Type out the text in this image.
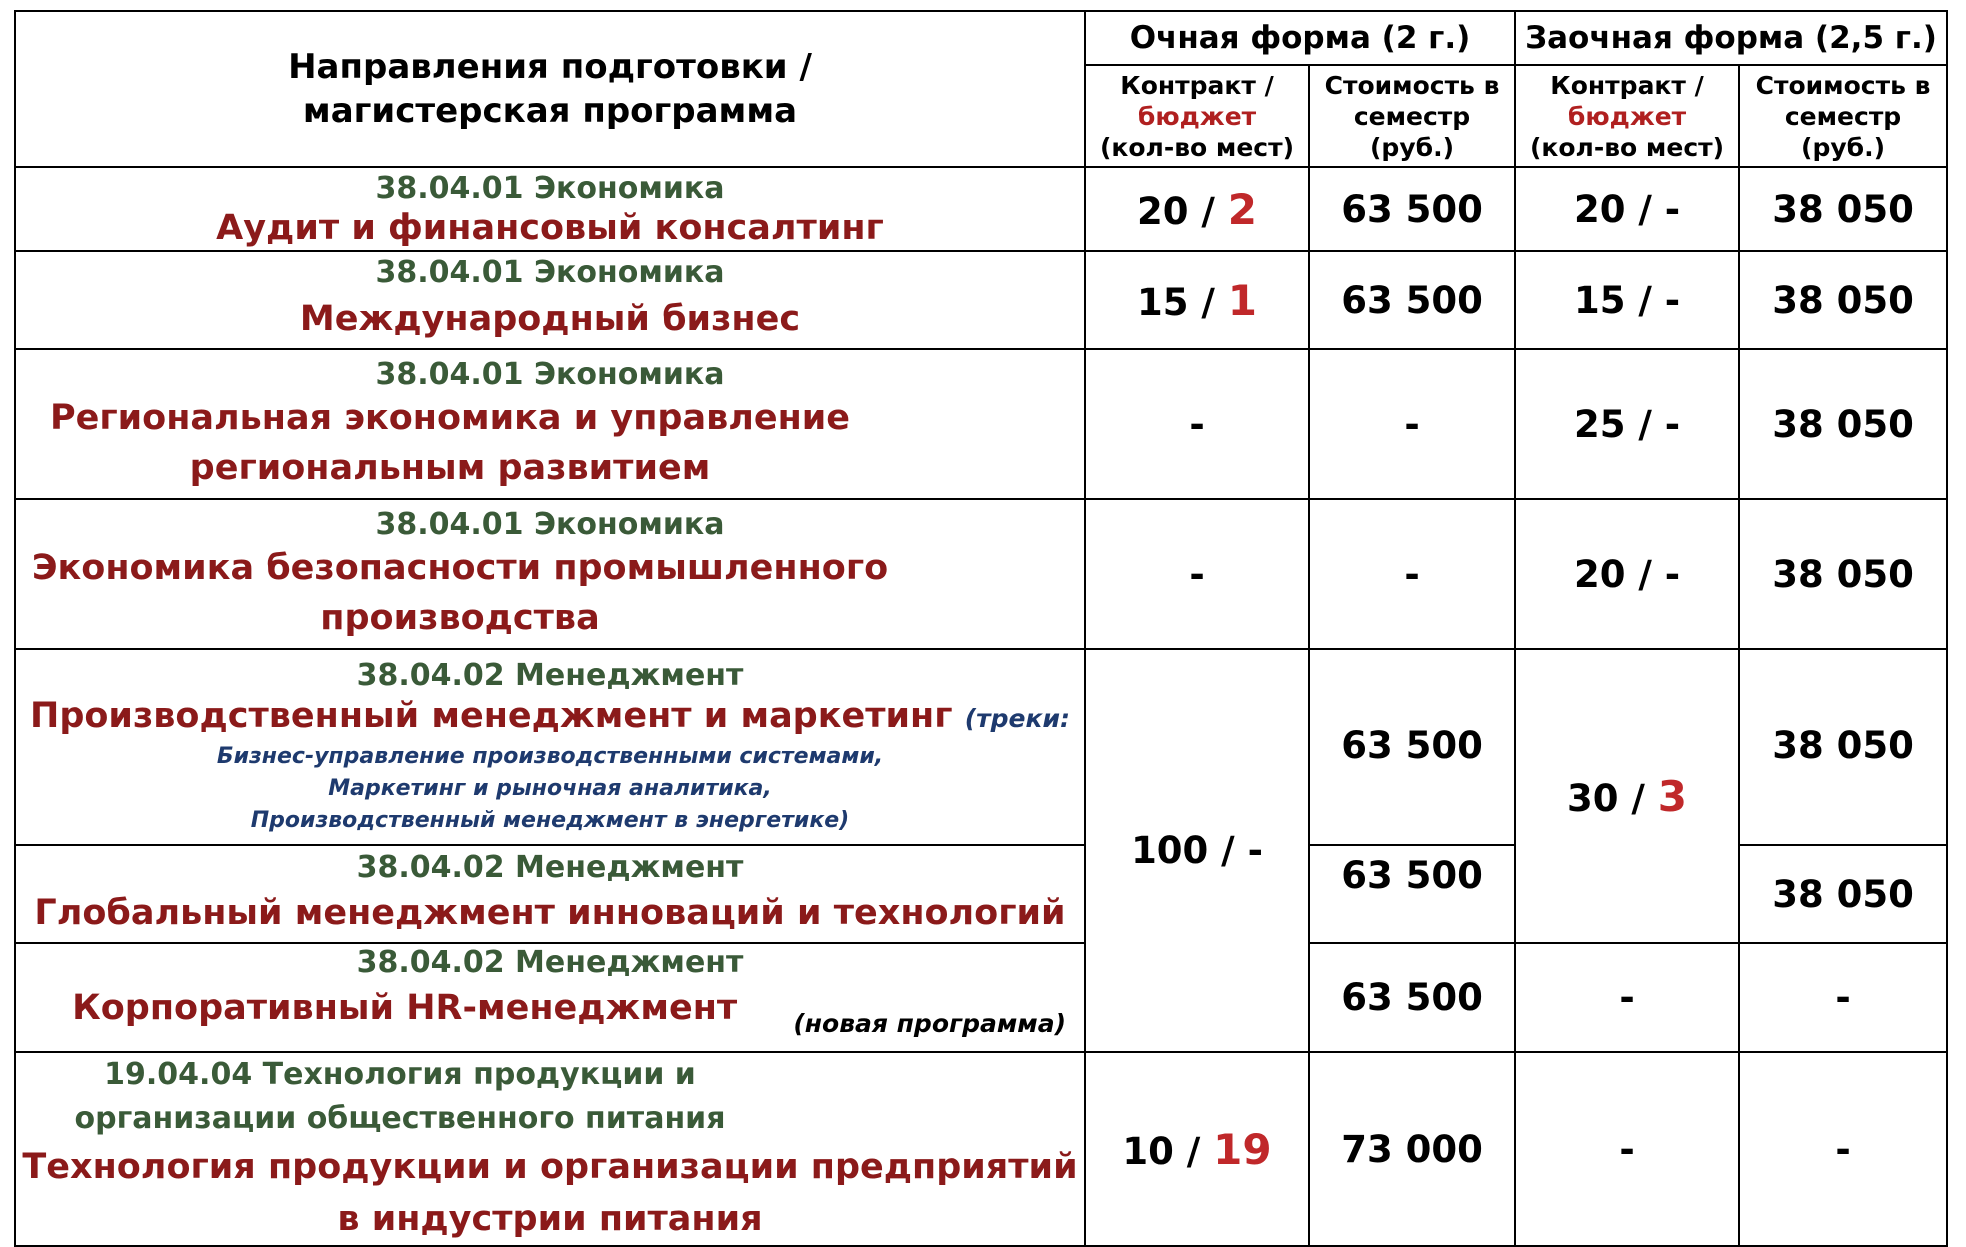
Направления подготовки / магистерская программа	Очная форма (2 г.)		Заочная форма (2,5 г.)	

	Контракт /
бюджет
(кол-во мест)	Стоимость в
семестр
(руб.)	Контракт /
бюджет
(кол-во мест)	Стоимость в
семестр
(руб.)

38.04.01 Экономика
Аудит и финансовый консалтинг	20 / 2	63 500	20 / -	38 050

38.04.01 Экономика
Международный бизнес	15 / 1	63 500	15 / -	38 050

38.04.01 Экономика
Региональная экономика и управление региональным развитием	-	-	25 / -	38 050

38.04.01 Экономика
Экономика безопасности промышленного производства	-	-	20 / -	38 050

38.04.02 Менеджмент
Производственный менеджмент и маркетинг (треки:
Бизнес-управление производственными системами,
Маркетинг и рыночная аналитика,
Производственный менеджмент в энергетике)	100 / -	63 500	30 / 3	38 050

38.04.02 Менеджмент
Глобальный менеджмент инноваций и технологий		63 500		38 050

38.04.02 Менеджмент
Корпоративный HR-менеджмент (новая программа)		63 500	-	-

19.04.04 Технология продукции и организации общественного питания
Технология продукции и организации предприятий в индустрии питания	10 / 19	73 000	-	-
